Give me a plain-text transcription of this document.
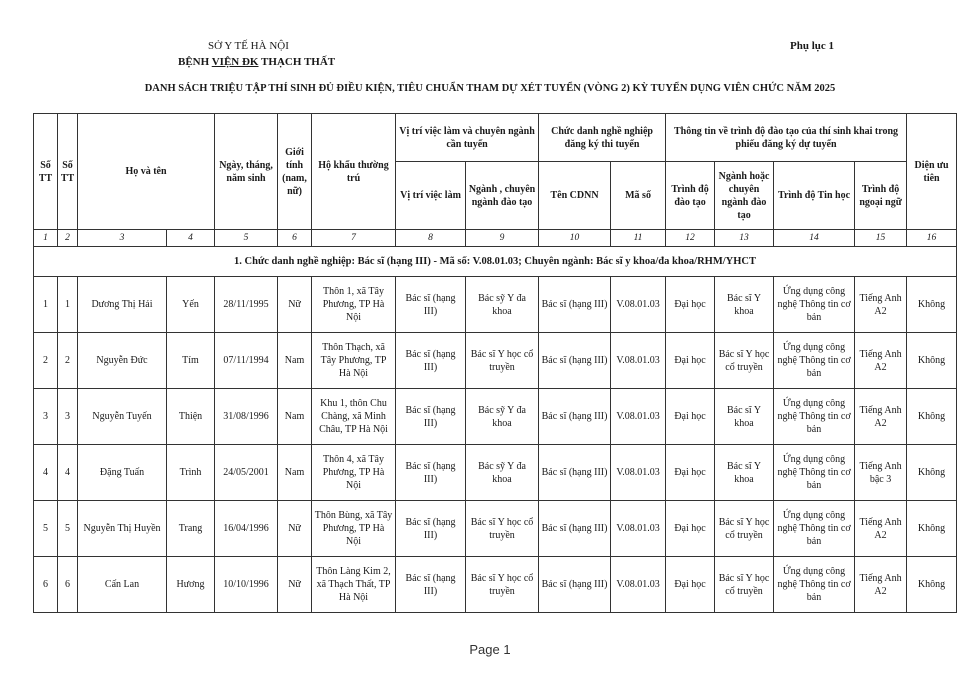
SỞ Y TẾ HÀ NỘI
BỆNH VIỆN ĐK THẠCH THẤT
Phụ lục 1
DANH SÁCH TRIỆU TẬP THÍ SINH ĐỦ ĐIỀU KIỆN, TIÊU CHUẨN THAM DỰ XÉT TUYỂN (VÒNG 2) KỲ TUYỂN DỤNG VIÊN CHỨC NĂM 2025
Số TT	Số TT	Họ và tên		Ngày, tháng, năm sinh	Giới tính (nam, nữ)	Hộ khẩu thường trú	Vị trí việc làm và chuyên ngành cần tuyển		Chức danh nghề nghiệp đăng ký thi tuyển		Thông tin về trình độ đào tạo của thí sinh khai trong phiếu đăng ký dự tuyển				Diện ưu tiên
							Vị trí việc làm	Ngành , chuyên ngành đào tạo	Tên CDNN	Mã số	Trình độ đào tạo	Ngành hoặc chuyên ngành đào tạo	Trình độ Tin học	Trình độ ngoại ngữ	
1	2	3	4	5	6	7	8	9	10	11	12	13	14	15	16
1. Chức danh nghề nghiệp: Bác sĩ (hạng III) - Mã số: V.08.01.03; Chuyên ngành: Bác sĩ y khoa/đa khoa/RHM/YHCT															
1	1	Dương Thị Hải	Yến	28/11/1995	Nữ	Thôn 1, xã Tây Phương, TP Hà Nội	Bác sĩ (hạng III)	Bác sỹ Y đa khoa	Bác sĩ (hạng III)	V.08.01.03	Đại học	Bác sĩ Y khoa	Ứng dụng công nghệ Thông tin cơ bản	Tiếng Anh A2	Không
2	2	Nguyễn Đức	Tím	07/11/1994	Nam	Thôn Thạch, xã Tây Phương, TP Hà Nội	Bác sĩ (hạng III)	Bác sĩ Y học cổ truyền	Bác sĩ (hạng III)	V.08.01.03	Đại học	Bác sĩ Y học cổ truyền	Ứng dụng công nghệ Thông tin cơ bản	Tiếng Anh A2	Không
3	3	Nguyễn Tuyến	Thiện	31/08/1996	Nam	Khu 1, thôn Chu Chàng, xã Minh Châu, TP Hà Nội	Bác sĩ (hạng III)	Bác sỹ Y đa khoa	Bác sĩ (hạng III)	V.08.01.03	Đại học	Bác sĩ Y khoa	Ứng dụng công nghệ Thông tin cơ bản	Tiếng Anh A2	Không
4	4	Đặng Tuấn	Trình	24/05/2001	Nam	Thôn 4, xã Tây Phương, TP Hà Nội	Bác sĩ (hạng III)	Bác sỹ Y đa khoa	Bác sĩ (hạng III)	V.08.01.03	Đại học	Bác sĩ Y khoa	Ứng dụng công nghệ Thông tin cơ bản	Tiếng Anh bậc 3	Không
5	5	Nguyễn Thị Huyền	Trang	16/04/1996	Nữ	Thôn Bùng, xã Tây Phương, TP Hà Nội	Bác sĩ (hạng III)	Bác sĩ Y học cổ truyền	Bác sĩ (hạng III)	V.08.01.03	Đại học	Bác sĩ Y học cổ truyền	Ứng dụng công nghệ Thông tin cơ bản	Tiếng Anh A2	Không
6	6	Cấn Lan	Hương	10/10/1996	Nữ	Thôn Làng Kim 2, xã Thạch Thất, TP Hà Nội	Bác sĩ (hạng III)	Bác sĩ Y học cổ truyền	Bác sĩ (hạng III)	V.08.01.03	Đại học	Bác sĩ Y học cổ truyền	Ứng dụng công nghệ Thông tin cơ bản	Tiếng Anh A2	Không
Page 1
